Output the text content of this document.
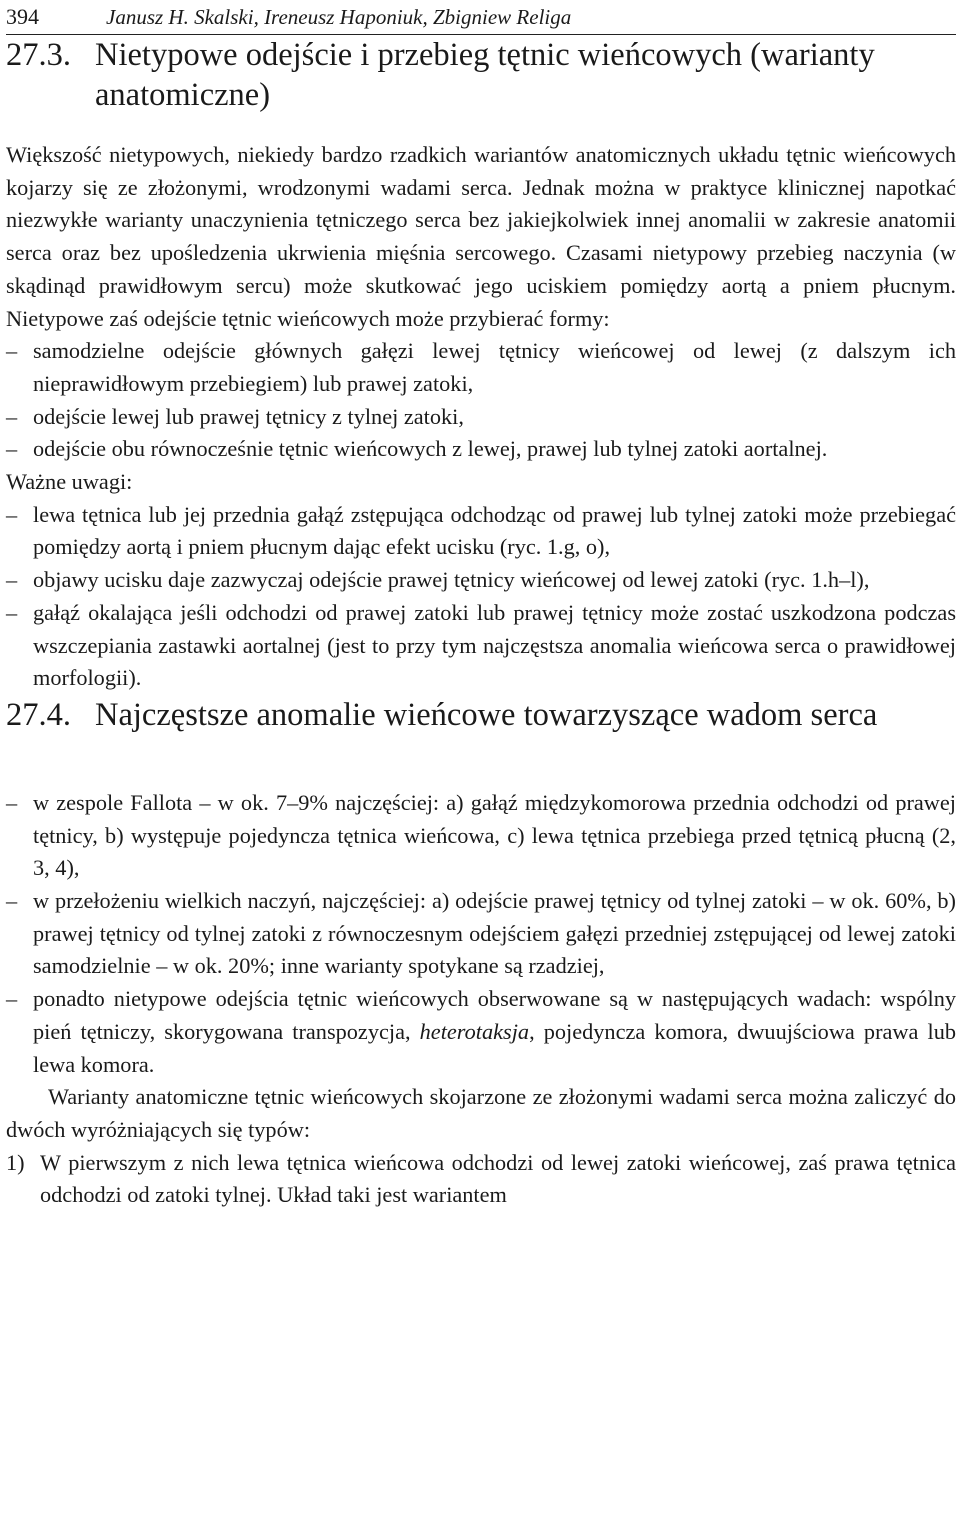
394	Janusz H. Skalski, Ireneusz Haponiuk, Zbigniew Religa
27.3. Nietypowe odejście i przebieg tętnic wieńcowych (warianty anatomiczne)

Większość nietypowych, niekiedy bardzo rzadkich wariantów anatomicznych układu tętnic wieńcowych kojarzy się ze złożonymi, wrodzonymi wadami serca. Jednak można w praktyce klinicznej napotkać niezwykłe warianty unaczynienia tętniczego serca bez jakiejkolwiek innej anomalii w zakresie anatomii serca oraz bez upośledzenia ukrwienia mięśnia sercowego. Czasami nietypowy przebieg naczynia (w skądinąd prawidłowym sercu) może skutkować jego uciskiem pomiędzy aortą a pniem płucnym. Nietypowe zaś odejście tętnic wieńcowych może przybierać formy:

– samodzielne odejście głównych gałęzi lewej tętnicy wieńcowej od lewej (z dalszym ich nieprawidłowym przebiegiem) lub prawej zatoki,
– odejście lewej lub prawej tętnicy z tylnej zatoki,
– odejście obu równocześnie tętnic wieńcowych z lewej, prawej lub tylnej zatoki aortalnej.

Ważne uwagi:

– lewa tętnica lub jej przednia gałąź zstępująca odchodząc od prawej lub tylnej zatoki może przebiegać pomiędzy aortą i pniem płucnym dając efekt ucisku (ryc. 1.g, o),
– objawy ucisku daje zazwyczaj odejście prawej tętnicy wieńcowej od lewej zatoki (ryc. 1.h–l),
– gałąź okalająca jeśli odchodzi od prawej zatoki lub prawej tętnicy może zostać uszkodzona podczas wszczepiania zastawki aortalnej (jest to przy tym najczęstsza anomalia wieńcowa serca o prawidłowej morfologii).
27.4. Najczęstsze anomalie wieńcowe towarzyszące wadom serca
– w zespole Fallota – w ok. 7–9% najczęściej: a) gałąź międzykomorowa przednia odchodzi od prawej tętnicy, b) występuje pojedyncza tętnica wieńcowa, c) lewa tętnica przebiega przed tętnicą płucną (2, 3, 4),
– w przełożeniu wielkich naczyń, najczęściej: a) odejście prawej tętnicy od tylnej zatoki – w ok. 60%, b) prawej tętnicy od tylnej zatoki z równoczesnym odejściem gałęzi przedniej zstępującej od lewej zatoki samodzielnie – w ok. 20%; inne warianty spotykane są rzadziej,
– ponadto nietypowe odejścia tętnic wieńcowych obserwowane są w następujących wadach: wspólny pień tętniczy, skorygowana transpozycja, heterotaksja, pojedyncza komora, dwuujściowa prawa lub lewa komora.

Warianty anatomiczne tętnic wieńcowych skojarzone ze złożonymi wadami serca można zaliczyć do dwóch wyróżniających się typów:

1) W pierwszym z nich lewa tętnica wieńcowa odchodzi od lewej zatoki wieńcowej, zaś prawa tętnica odchodzi od zatoki tylnej. Układ taki jest wariantem
